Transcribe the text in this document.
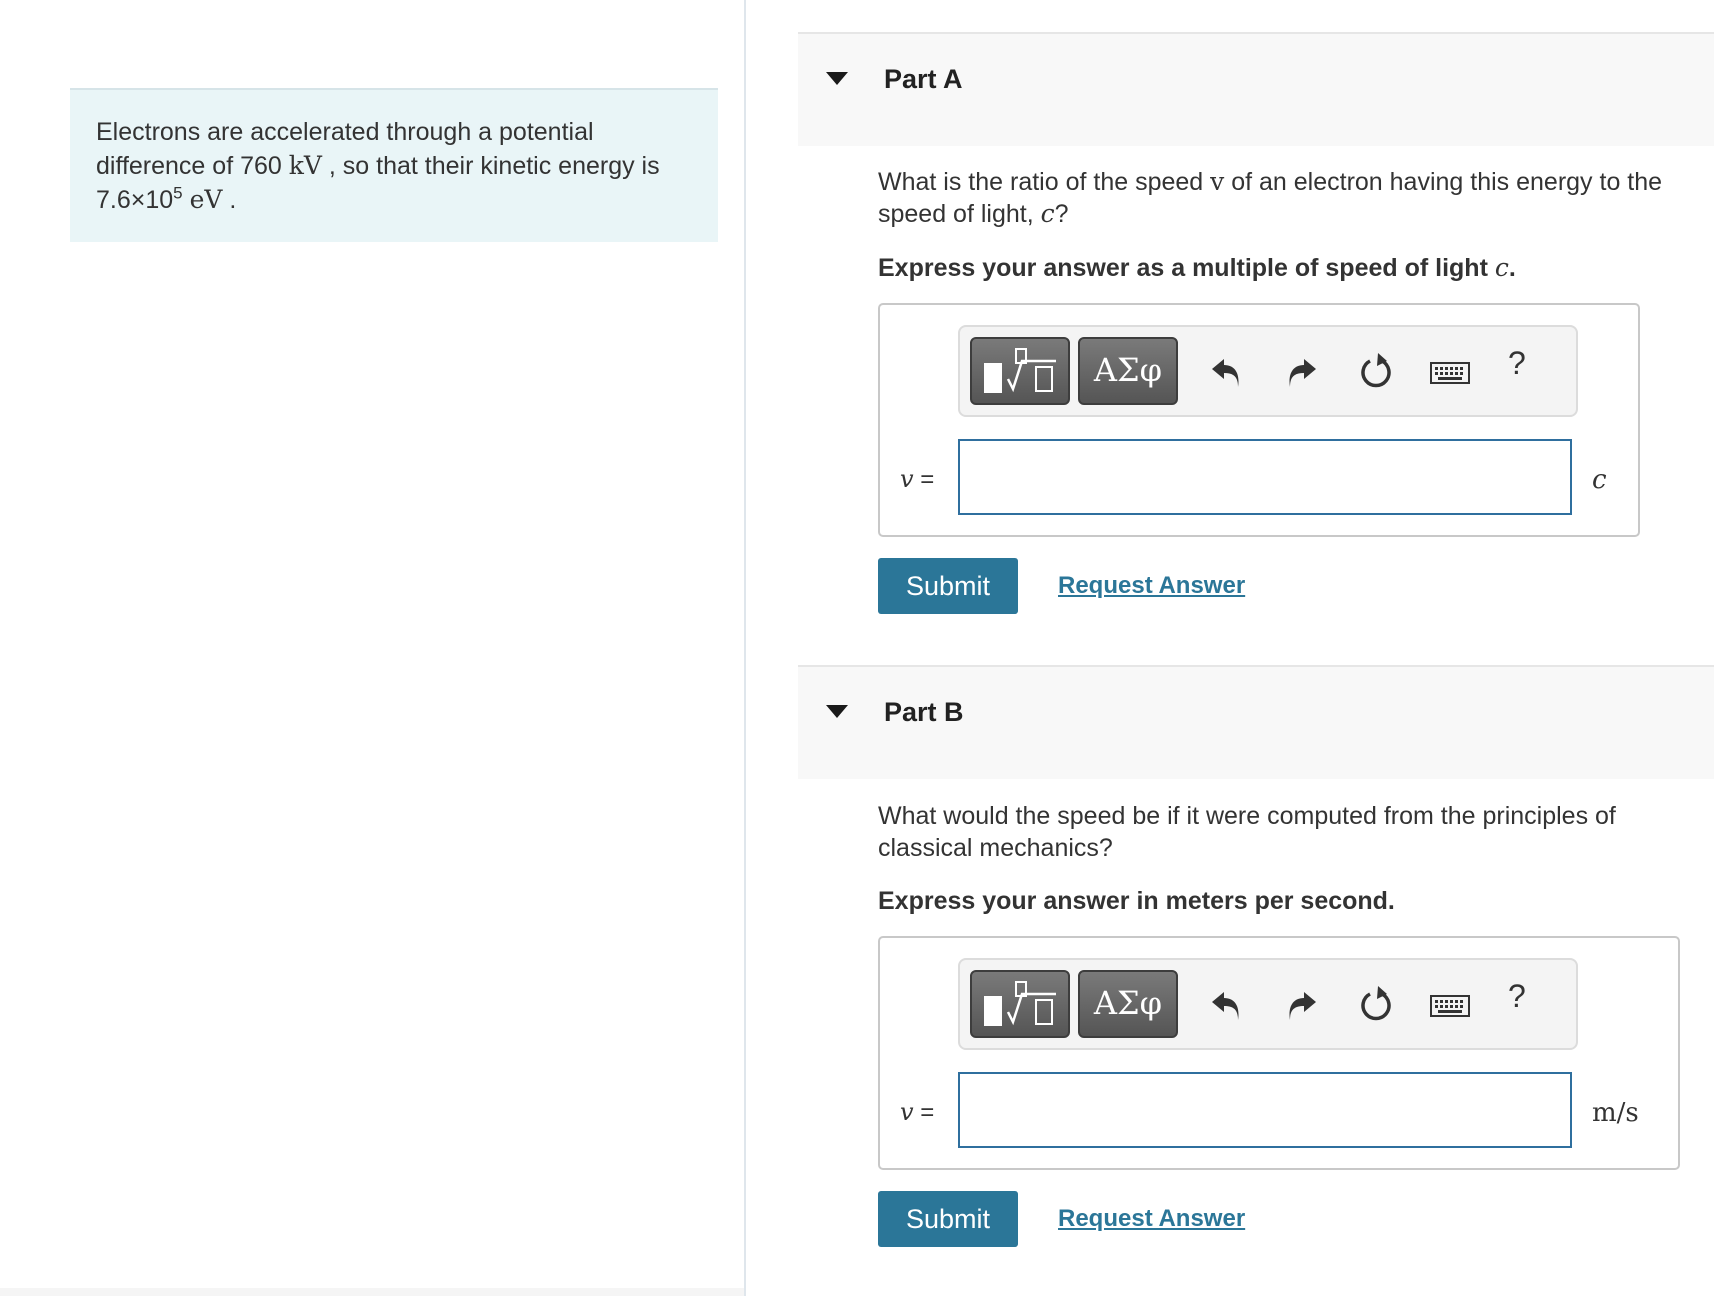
Electrons are accelerated through a potential difference of 760 kV , so that their kinetic energy is $7.6\times 10^5$ eV .
Part A
What is the ratio of the speed v of an electron having this energy to the speed of light, c?
Express your answer as a multiple of speed of light c.
ΑΣφ	?
v =	c
Submit	Request Answer
Part B
What would the speed be if it were computed from the principles of classical mechanics?
Express your answer in meters per second.
ΑΣφ	?
v =	m/s
Submit	Request Answer
